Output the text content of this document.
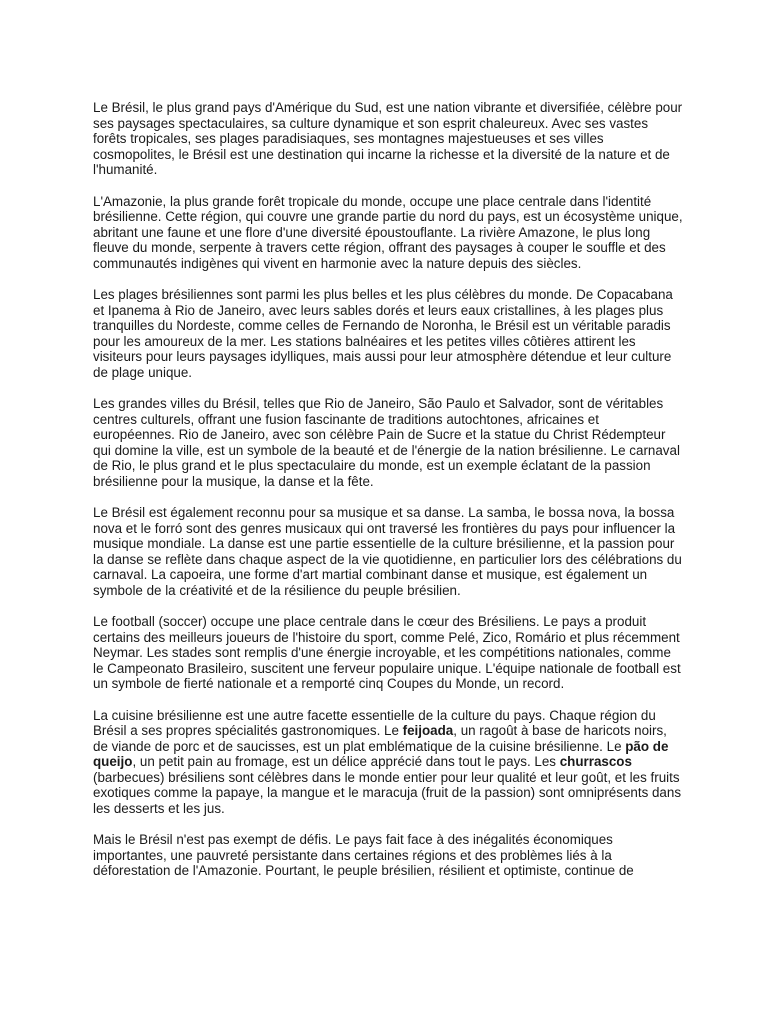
Le Brésil, le plus grand pays d'Amérique du Sud, est une nation vibrante et diversifiée, célèbre pour ses paysages spectaculaires, sa culture dynamique et son esprit chaleureux. Avec ses vastes forêts tropicales, ses plages paradisiaques, ses montagnes majestueuses et ses villes cosmopolites, le Brésil est une destination qui incarne la richesse et la diversité de la nature et de l'humanité.

L'Amazonie, la plus grande forêt tropicale du monde, occupe une place centrale dans l'identité brésilienne. Cette région, qui couvre une grande partie du nord du pays, est un écosystème unique, abritant une faune et une flore d'une diversité époustouflante. La rivière Amazone, le plus long fleuve du monde, serpente à travers cette région, offrant des paysages à couper le souffle et des communautés indigènes qui vivent en harmonie avec la nature depuis des siècles.

Les plages brésiliennes sont parmi les plus belles et les plus célèbres du monde. De Copacabana et Ipanema à Rio de Janeiro, avec leurs sables dorés et leurs eaux cristallines, à les plages plus tranquilles du Nordeste, comme celles de Fernando de Noronha, le Brésil est un véritable paradis pour les amoureux de la mer. Les stations balnéaires et les petites villes côtières attirent les visiteurs pour leurs paysages idylliques, mais aussi pour leur atmosphère détendue et leur culture de plage unique.

Les grandes villes du Brésil, telles que Rio de Janeiro, São Paulo et Salvador, sont de véritables centres culturels, offrant une fusion fascinante de traditions autochtones, africaines et européennes. Rio de Janeiro, avec son célèbre Pain de Sucre et la statue du Christ Rédempteur qui domine la ville, est un symbole de la beauté et de l'énergie de la nation brésilienne. Le carnaval de Rio, le plus grand et le plus spectaculaire du monde, est un exemple éclatant de la passion brésilienne pour la musique, la danse et la fête.

Le Brésil est également reconnu pour sa musique et sa danse. La samba, le bossa nova, la bossa nova et le forró sont des genres musicaux qui ont traversé les frontières du pays pour influencer la musique mondiale. La danse est une partie essentielle de la culture brésilienne, et la passion pour la danse se reflète dans chaque aspect de la vie quotidienne, en particulier lors des célébrations du carnaval. La capoeira, une forme d'art martial combinant danse et musique, est également un symbole de la créativité et de la résilience du peuple brésilien.

Le football (soccer) occupe une place centrale dans le cœur des Brésiliens. Le pays a produit certains des meilleurs joueurs de l'histoire du sport, comme Pelé, Zico, Romário et plus récemment Neymar. Les stades sont remplis d'une énergie incroyable, et les compétitions nationales, comme le Campeonato Brasileiro, suscitent une ferveur populaire unique. L'équipe nationale de football est un symbole de fierté nationale et a remporté cinq Coupes du Monde, un record.

La cuisine brésilienne est une autre facette essentielle de la culture du pays. Chaque région du Brésil a ses propres spécialités gastronomiques. Le feijoada, un ragoût à base de haricots noirs, de viande de porc et de saucisses, est un plat emblématique de la cuisine brésilienne. Le pão de queijo, un petit pain au fromage, est un délice apprécié dans tout le pays. Les churrascos (barbecues) brésiliens sont célèbres dans le monde entier pour leur qualité et leur goût, et les fruits exotiques comme la papaye, la mangue et le maracuja (fruit de la passion) sont omniprésents dans les desserts et les jus.

Mais le Brésil n'est pas exempt de défis. Le pays fait face à des inégalités économiques importantes, une pauvreté persistante dans certaines régions et des problèmes liés à la déforestation de l'Amazonie. Pourtant, le peuple brésilien, résilient et optimiste, continue de
